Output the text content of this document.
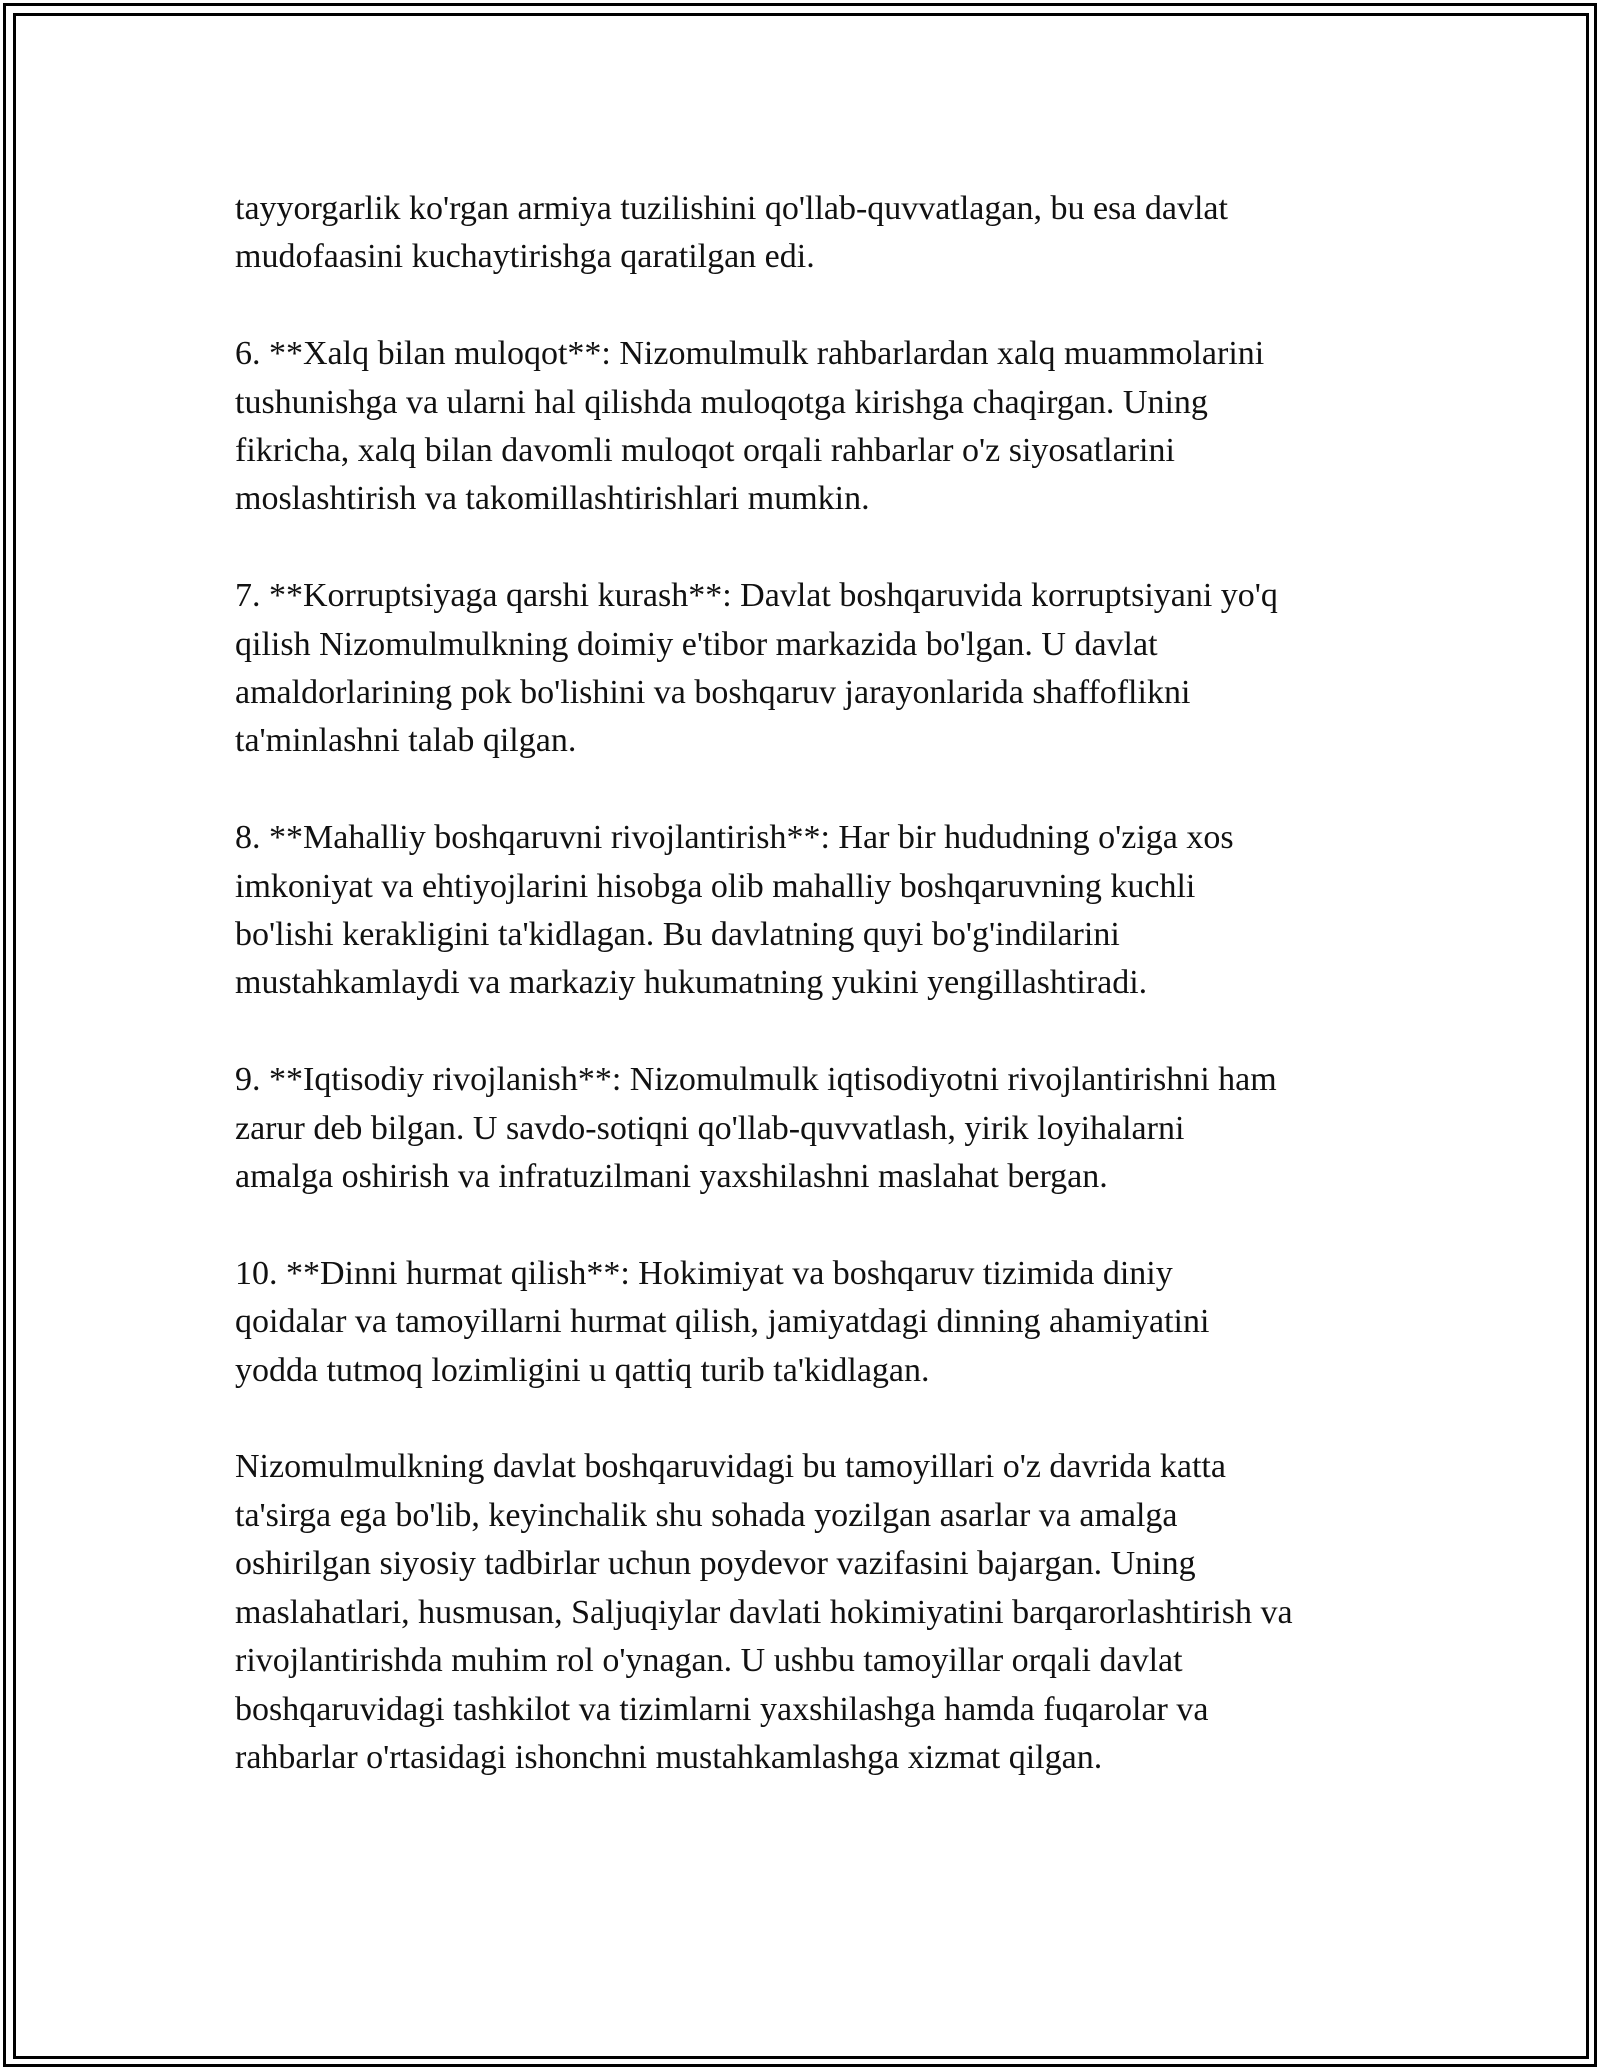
tayyorgarlik ko'rgan armiya tuzilishini qo'llab-quvvatlagan, bu esa davlat
mudofaasini kuchaytirishga qaratilgan edi.

6. **Xalq bilan muloqot**: Nizomulmulk rahbarlardan xalq muammolarini
tushunishga va ularni hal qilishda muloqotga kirishga chaqirgan. Uning
fikricha, xalq bilan davomli muloqot orqali rahbarlar o'z siyosatlarini
moslashtirish va takomillashtirishlari mumkin.

7. **Korruptsiyaga qarshi kurash**: Davlat boshqaruvida korruptsiyani yo'q
qilish Nizomulmulkning doimiy e'tibor markazida bo'lgan. U davlat
amaldorlarining pok bo'lishini va boshqaruv jarayonlarida shaffoflikni
ta'minlashni talab qilgan.

8. **Mahalliy boshqaruvni rivojlantirish**: Har bir hududning o'ziga xos
imkoniyat va ehtiyojlarini hisobga olib mahalliy boshqaruvning kuchli
bo'lishi kerakligini ta'kidlagan. Bu davlatning quyi bo'g'indilarini
mustahkamlaydi va markaziy hukumatning yukini yengillashtiradi.

9. **Iqtisodiy rivojlanish**: Nizomulmulk iqtisodiyotni rivojlantirishni ham
zarur deb bilgan. U savdo-sotiqni qo'llab-quvvatlash, yirik loyihalarni
amalga oshirish va infratuzilmani yaxshilashni maslahat bergan.

10. **Dinni hurmat qilish**: Hokimiyat va boshqaruv tizimida diniy
qoidalar va tamoyillarni hurmat qilish, jamiyatdagi dinning ahamiyatini
yodda tutmoq lozimligini u qattiq turib ta'kidlagan.

Nizomulmulkning davlat boshqaruvidagi bu tamoyillari o'z davrida katta
ta'sirga ega bo'lib, keyinchalik shu sohada yozilgan asarlar va amalga
oshirilgan siyosiy tadbirlar uchun poydevor vazifasini bajargan. Uning
maslahatlari, husmusan, Saljuqiylar davlati hokimiyatini barqarorlashtirish va
rivojlantirishda muhim rol o'ynagan. U ushbu tamoyillar orqali davlat
boshqaruvidagi tashkilot va tizimlarni yaxshilashga hamda fuqarolar va
rahbarlar o'rtasidagi ishonchni mustahkamlashga xizmat qilgan.
